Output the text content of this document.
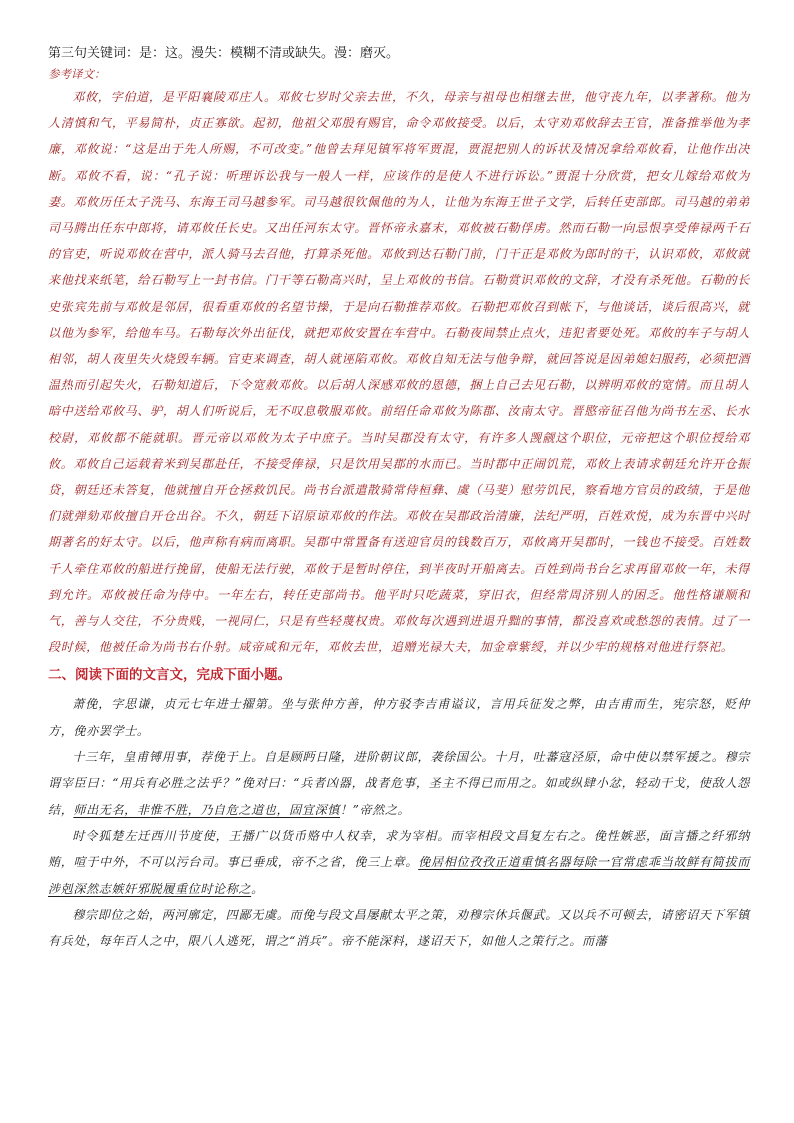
第三句关键词：是：这。漫失：模糊不清或缺失。漫：磨灭。
参考译文：

邓攸，字伯道，是平阳襄陵邓庄人。邓攸七岁时父亲去世，不久，母亲与祖母也相继去世，他守丧九年，以孝著称。他为人清慎和气，平易简朴，贞正寡欲。起初，他祖父邓殷有赐官，命令邓攸接受。以后，太守劝邓攸辞去王官，准备推举他为孝廉，邓攸说：“这是出于先人所赐，不可改变。”他曾去拜见镇军将军贾混，贾混把别人的诉状及情况拿给邓攸看，让他作出决断。邓攸不看，说：“孔子说：听理诉讼我与一般人一样，应该作的是使人不进行诉讼。”贾混十分欣赏，把女儿嫁给邓攸为妻。邓攸历任太子洗马、东海王司马越参军。司马越很钦佩他的为人，让他为东海王世子文学，后转任吏部郎。司马越的弟弟司马腾出任东中郎将，请邓攸任长史。又出任河东太守。晋怀帝永嘉末，邓攸被石勒俘虏。然而石勒一向忌恨享受俸禄两千石的官吏，听说邓攸在营中，派人骑马去召他，打算杀死他。邓攸到达石勒门前，门干正是邓攸为郎时的干，认识邓攸，邓攸就来他找来纸笔，给石勒写上一封书信。门干等石勒高兴时，呈上邓攸的书信。石勒赏识邓攸的文辞，才没有杀死他。石勒的长史张宾先前与邓攸是邻居，很看重邓攸的名望节操，于是向石勒推荐邓攸。石勒把邓攸召到帐下，与他谈话，谈后很高兴，就以他为参军，给他车马。石勒每次外出征伐，就把邓攸安置在车营中。石勒夜间禁止点火，违犯者要处死。邓攸的车子与胡人相邻，胡人夜里失火烧毁车辆。官吏来调查，胡人就诬陷邓攸。邓攸自知无法与他争辩，就回答说是因弟媳妇服药，必须把酒温热而引起失火，石勒知道后，下令宽赦邓攸。以后胡人深感邓攸的恩德，捆上自己去见石勒，以辨明邓攸的宽情。而且胡人暗中送给邓攸马、驴，胡人们听说后，无不叹息敬服邓攸。前绍任命邓攸为陈郡、汝南太守。晋愍帝征召他为尚书左丞、长水校尉，邓攸都不能就职。晋元帝以邓攸为太子中庶子。当时吴郡没有太守，有许多人觊觎这个职位，元帝把这个职位授给邓攸。邓攸自己运载着米到吴郡赴任，不接受俸禄，只是饮用吴郡的水而已。当时郡中正闹饥荒，邓攸上表请求朝廷允许开仓振贷，朝廷还未答复，他就擅自开仓拯救饥民。尚书台派遣散骑常侍桓彝、虞（马斐）慰劳饥民，察看地方官员的政绩，于是他们就弹劾邓攸擅自开仓出谷。不久，朝廷下诏原谅邓攸的作法。邓攸在吴郡政治清廉，法纪严明，百姓欢悦，成为东晋中兴时期著名的好太守。以后，他声称有病而离职。吴郡中常置备有送迎官员的钱数百万，邓攸离开吴郡时，一钱也不接受。百姓数千人牵住邓攸的船进行挽留，使船无法行驶，邓攸于是暂时停住，到半夜时开船离去。百姓到尚书台乞求再留邓攸一年，未得到允许。邓攸被任命为侍中。一年左右，转任吏部尚书。他平时只吃蔬菜，穿旧衣，但经常周济别人的困乏。他性格谦顺和气，善与人交往，不分贵贱，一视同仁，只是有些轻蔑权贵。邓攸每次遇到进退升黜的事情，都没喜欢或愁怨的表情。过了一段时候，他被任命为尚书右仆射。咸帝咸和元年，邓攸去世，追赠光禄大夫，加金章紫绶，并以少牢的规格对他进行祭祀。

二、阅读下面的文言文，完成下面小题。

萧俛，字思谦，贞元七年进士擢第。坐与张仲方善，仲方驳李吉甫谥议，言用兵征发之弊，由吉甫而生，宪宗怒，贬仲方，俛亦罢学士。

十三年，皇甫镈用事，荐俛于上。自是顾眄日隆，进阶朝议郎，袭徐国公。十月，吐蕃寇泾原，命中使以禁军援之。穆宗谓宰臣曰：“用兵有必胜之法乎？”俛对曰：“兵者凶器，战者危事，圣主不得已而用之。如或纵肆小忿，轻动干戈，使敌人怨结，师出无名，非惟不胜，乃自危之道也，固宜深慎！”帝然之。

时令狐楚左迁西川节度使，王播广以货币赂中人权幸，求为宰相。而宰相段文昌复左右之。俛性嫉恶，面言播之纤邪纳贿，喧于中外，不可以污台司。事已垂成，帝不之省，俛三上章。俛居相位孜孜正道重慎名器每除一官常虑乖当故鲜有简拔而涉剋深然志嫉奸邪脱履重位时论称之。

穆宗即位之始，两河廓定，四鄙无虞。而俛与段文昌屡献太平之策，劝穆宗休兵偃武。又以兵不可顿去，请密诏天下军镇有兵处，每年百人之中，限八人逃死，谓之“消兵”。帝不能深料，遂诏天下，如他人之策行之。而藩
